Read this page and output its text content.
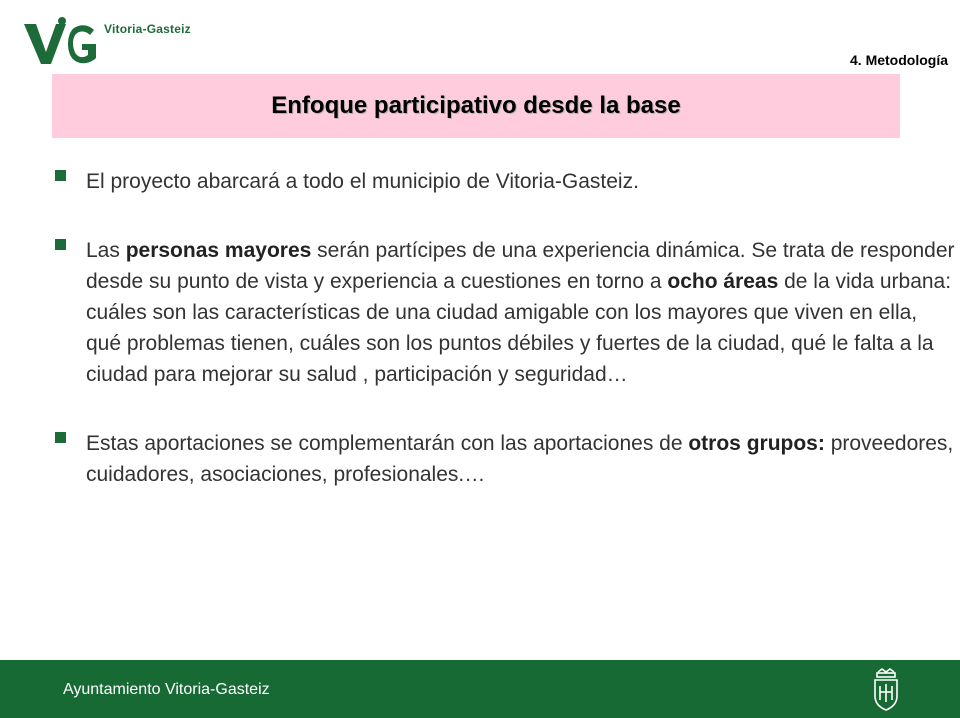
Vitoria-Gasteiz
4. Metodología
Enfoque participativo desde la base
El proyecto abarcará a todo el municipio de Vitoria-Gasteiz.
Las personas mayores serán partícipes de una experiencia dinámica. Se trata de responder desde su punto de vista y experiencia a cuestiones en torno a ocho áreas de la vida urbana: cuáles son las características de una ciudad amigable con los mayores que viven en ella, qué problemas tienen, cuáles son los puntos débiles y fuertes de la ciudad, qué le falta a la ciudad para mejorar su salud , participación y seguridad…
Estas aportaciones se complementarán con las aportaciones de otros grupos: proveedores, cuidadores, asociaciones, profesionales.…
Ayuntamiento Vitoria-Gasteiz
